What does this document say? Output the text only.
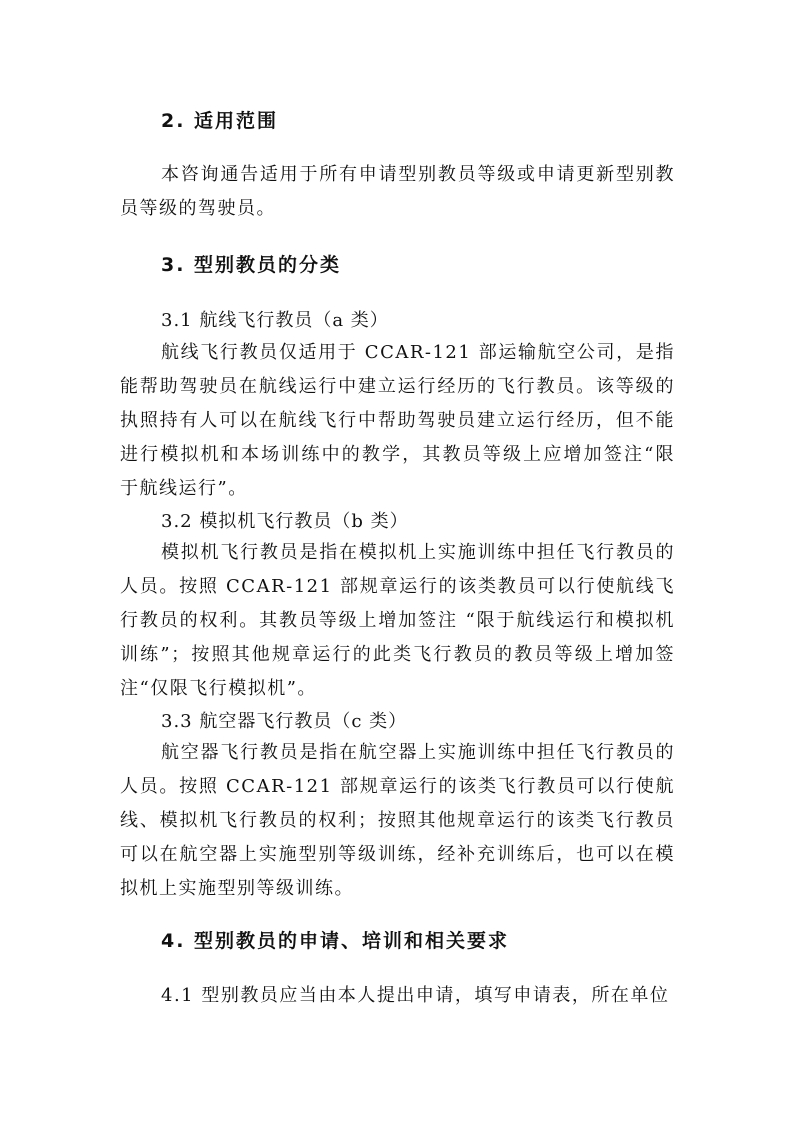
2. 适用范围

本咨询通告适用于所有申请型别教员等级或申请更新型别教员等级的驾驶员。

3. 型别教员的分类
3.1 航线飞行教员（a 类）

航线飞行教员仅适用于 CCAR-121 部运输航空公司，是指能帮助驾驶员在航线运行中建立运行经历的飞行教员。该等级的执照持有人可以在航线飞行中帮助驾驶员建立运行经历，但不能进行模拟机和本场训练中的教学，其教员等级上应增加签注“限于航线运行”。

3.2 模拟机飞行教员（b 类）

模拟机飞行教员是指在模拟机上实施训练中担任飞行教员的人员。按照 CCAR-121 部规章运行的该类教员可以行使航线飞行教员的权利。其教员等级上增加签注 “限于航线运行和模拟机训练”；按照其他规章运行的此类飞行教员的教员等级上增加签注“仅限飞行模拟机”。

3.3 航空器飞行教员（c 类）

航空器飞行教员是指在航空器上实施训练中担任飞行教员的人员。按照 CCAR-121 部规章运行的该类飞行教员可以行使航线、模拟机飞行教员的权利；按照其他规章运行的该类飞行教员可以在航空器上实施型别等级训练，经补充训练后，也可以在模拟机上实施型别等级训练。

4. 型别教员的申请、培训和相关要求
4.1 型别教员应当由本人提出申请，填写申请表，所在单位
